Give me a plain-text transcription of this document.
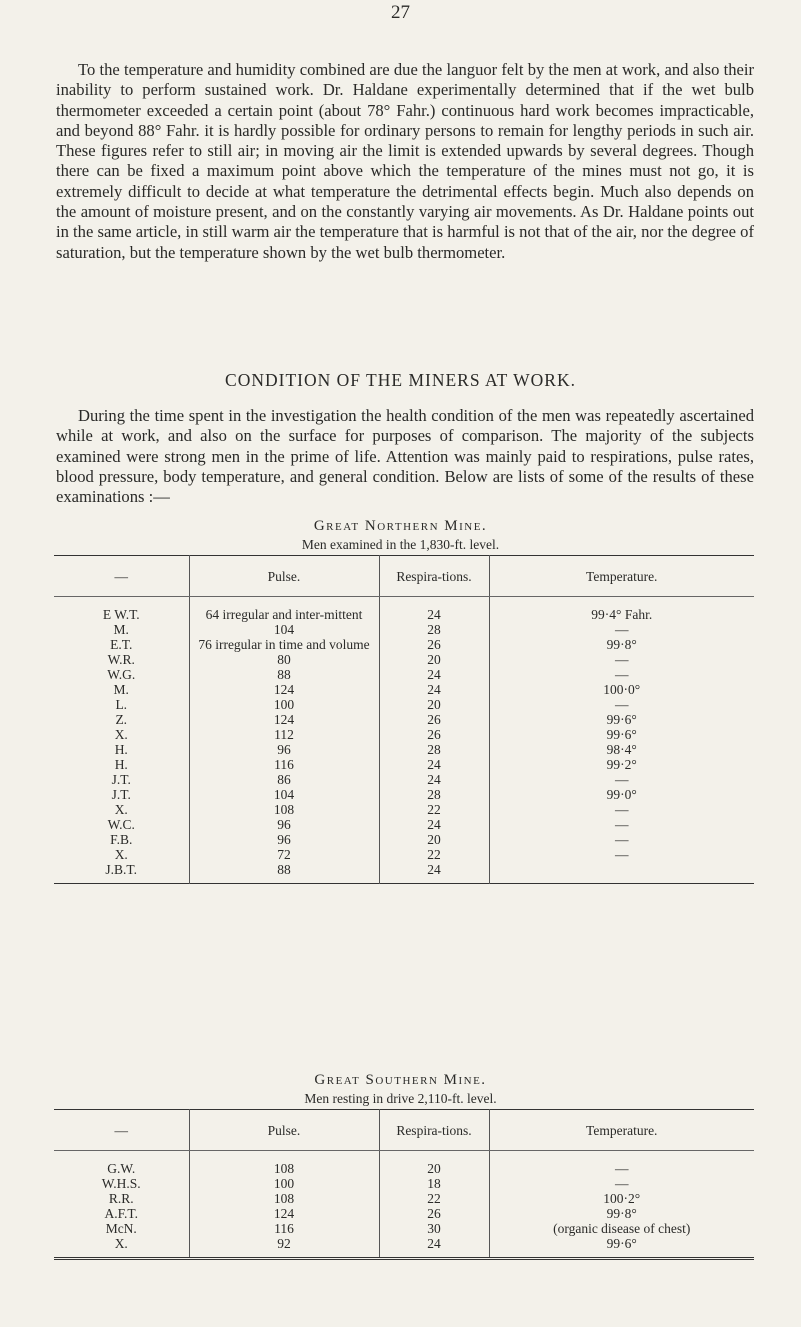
27

To the temperature and humidity combined are due the languor felt by the men at work, and also their inability to perform sustained work. Dr. Haldane experimentally determined that if the wet bulb thermometer exceeded a certain point (about 78° Fahr.) continuous hard work becomes impracticable, and beyond 88° Fahr. it is hardly possible for ordinary persons to remain for lengthy periods in such air. These figures refer to still air; in moving air the limit is extended upwards by several degrees. Though there can be fixed a maximum point above which the temperature of the mines must not go, it is extremely difficult to decide at what temperature the detrimental effects begin. Much also depends on the amount of moisture present, and on the constantly varying air movements. As Dr. Haldane points out in the same article, in still warm air the temperature that is harmful is not that of the air, nor the degree of saturation, but the temperature shown by the wet bulb thermometer.

CONDITION OF THE MINERS AT WORK.

During the time spent in the investigation the health condition of the men was repeatedly ascertained while at work, and also on the surface for purposes of comparison. The majority of the subjects examined were strong men in the prime of life. Attention was mainly paid to respirations, pulse rates, blood pressure, body temperature, and general condition. Below are lists of some of the results of these examinations :—

Great Northern Mine.
Men examined in the 1,830-ft. level.
—	Pulse.	Respira-tions.	Temperature.
E W.T.	64 irregular and inter-mittent	24	99·4° Fahr.
M.	104	28	—
E.T.	76 irregular in time and volume	26	99·8°
W.R.	80	20	—
W.G.	88	24	—
M.	124	24	100·0°
L.	100	20	—
Z.	124	26	99·6°
X.	112	26	99·6°
H.	96	28	98·4°
H.	116	24	99·2°
J.T.	86	24	—
J.T.	104	28	99·0°
X.	108	22	—
W.C.	96	24	—
F.B.	96	20	—
X.	72	22	—
J.B.T.	88	24	
Great Southern Mine.
Men resting in drive 2,110-ft. level.
—	Pulse.	Respira-tions.	Temperature.
G.W.	108	20	—
W.H.S.	100	18	—
R.R.	108	22	100·2°
A.F.T.	124	26	99·8°
McN.	116	30	(organic disease of chest)
X.	92	24	99·6°
